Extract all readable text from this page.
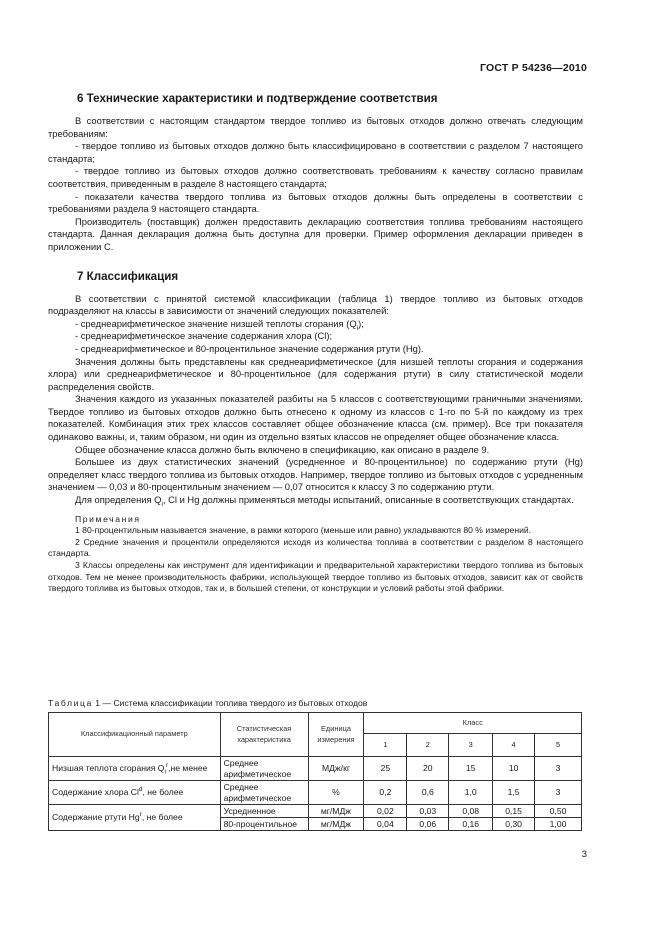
ГОСТ Р 54236—2010
6 Технические характеристики и подтверждение соответствия

В соответствии с настоящим стандартом твердое топливо из бытовых отходов должно отвечать следующим требованиям:

- твердое топливо из бытовых отходов должно быть классифицировано в соответствии с разделом 7 настоящего стандарта;

- твердое топливо из бытовых отходов должно соответствовать требованиям к качеству согласно правилам соответствия, приведенным в разделе 8 настоящего стандарта;

- показатели качества твердого топлива из бытовых отходов должны быть определены в соответствии с требованиями раздела 9 настоящего стандарта.

Производитель (поставщик) должен предоставить декларацию соответствия топлива требованиям настоящего стандарта. Данная декларация должна быть доступна для проверки. Пример оформления декларации приведен в приложении С.

7 Классификация

В соответствии с принятой системой классификации (таблица 1) твердое топливо из бытовых отходов подразделяют на классы в зависимости от значений следующих показателей:

- среднеарифметическое значение низшей теплоты сгорания $(Q_i)$;

- среднеарифметическое значение содержания хлора (Cl);

- среднеарифметическое и 80-процентильное значение содержания ртути (Hg).

Значения должны быть представлены как среднеарифметическое (для низшей теплоты сгорания и содержания хлора) или среднеарифметическое и 80-процентильное (для содержания ртути) в силу статистической модели распределения свойств.

Значения каждого из указанных показателей разбиты на 5 классов с соответствующими граничными значениями. Твердое топливо из бытовых отходов должно быть отнесено к одному из классов с 1-го по 5-й по каждому из трех показателей. Комбинация этих трех классов составляет общее обозначение класса (см. пример). Все три показателя одинаково важны, и, таким образом, ни один из отдельно взятых классов не определяет общее обозначение класса.

Общее обозначение класса должно быть включено в спецификацию, как описано в разделе 9.

Большее из двух статистических значений (усредненное и 80-процентильное) по содержанию ртути (Hg) определяет класс твердого топлива из бытовых отходов. Например, твердое топливо из бытовых отходов с усредненным значением — 0,03 и 80-процентильным значением — 0,07 относится к классу 3 по содержанию ртути.

Для определения $Q_i$, Cl и Hg должны применяться методы испытаний, описанные в соответствующих стандартах.

Примечания

1 80-процентильным называется значение, в рамки которого (меньше или равно) укладываются 80 % измерений.

2 Средние значения и процентили определяются исходя из количества топлива в соответствии с разделом 8 настоящего стандарта.

3 Классы определены как инструмент для идентификации и предварительной характеристики твердого топлива из бытовых отходов. Тем не менее производительность фабрики, использующей твердое топливо из бытовых отходов, зависит как от свойств твердого топлива из бытовых отходов, так и, в большей степени, от конструкции и условий работы этой фабрики.

Таблица 1 — Система классификации топлива твердого из бытовых отходов
Классификационный параметр	Статистическая характеристика	Единица измерения	Класс				
			1	2	3	4	5
Низшая теплота сгорания $Q_i^r,не$ менее	Среднее арифметическое	МДж/кг	25	20	15	10	3
Содержание хлора Cl$^d$, не более	Среднее арифметическое	%	0,2	0,6	1,0	1,5	3
Содержание ртути Hg$^r$, не более	Усредненное	мг/МДж	0,02	0,03	0,08	0,15	0,50
	80-процентильное	мг/МДж	0,04	0,06	0,16	0,30	1,00
3
